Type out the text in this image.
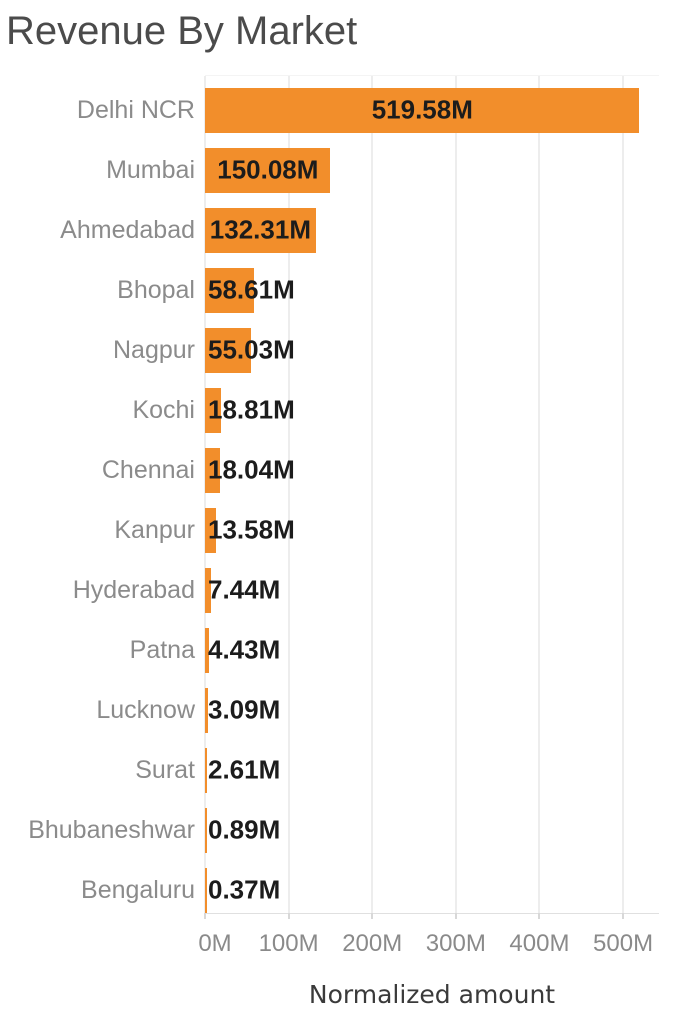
Revenue By Market
Delhi NCR	519.58M
Mumbai 150.08M
Ahmedabad 132.31M
Bhopal 58.61M
Nagpur 55.03M
Kochi 18.81M
Chennai 18.04M
Kanpur 13.58M
Hyderabad 7.44M
Patna 4.43M
Lucknow 3.09M
Surat 2.61M
Bhubaneshwar 0.89M
Bengaluru 0.37M
0M 100M 200M 300M 400M 500M
Normalized amount
